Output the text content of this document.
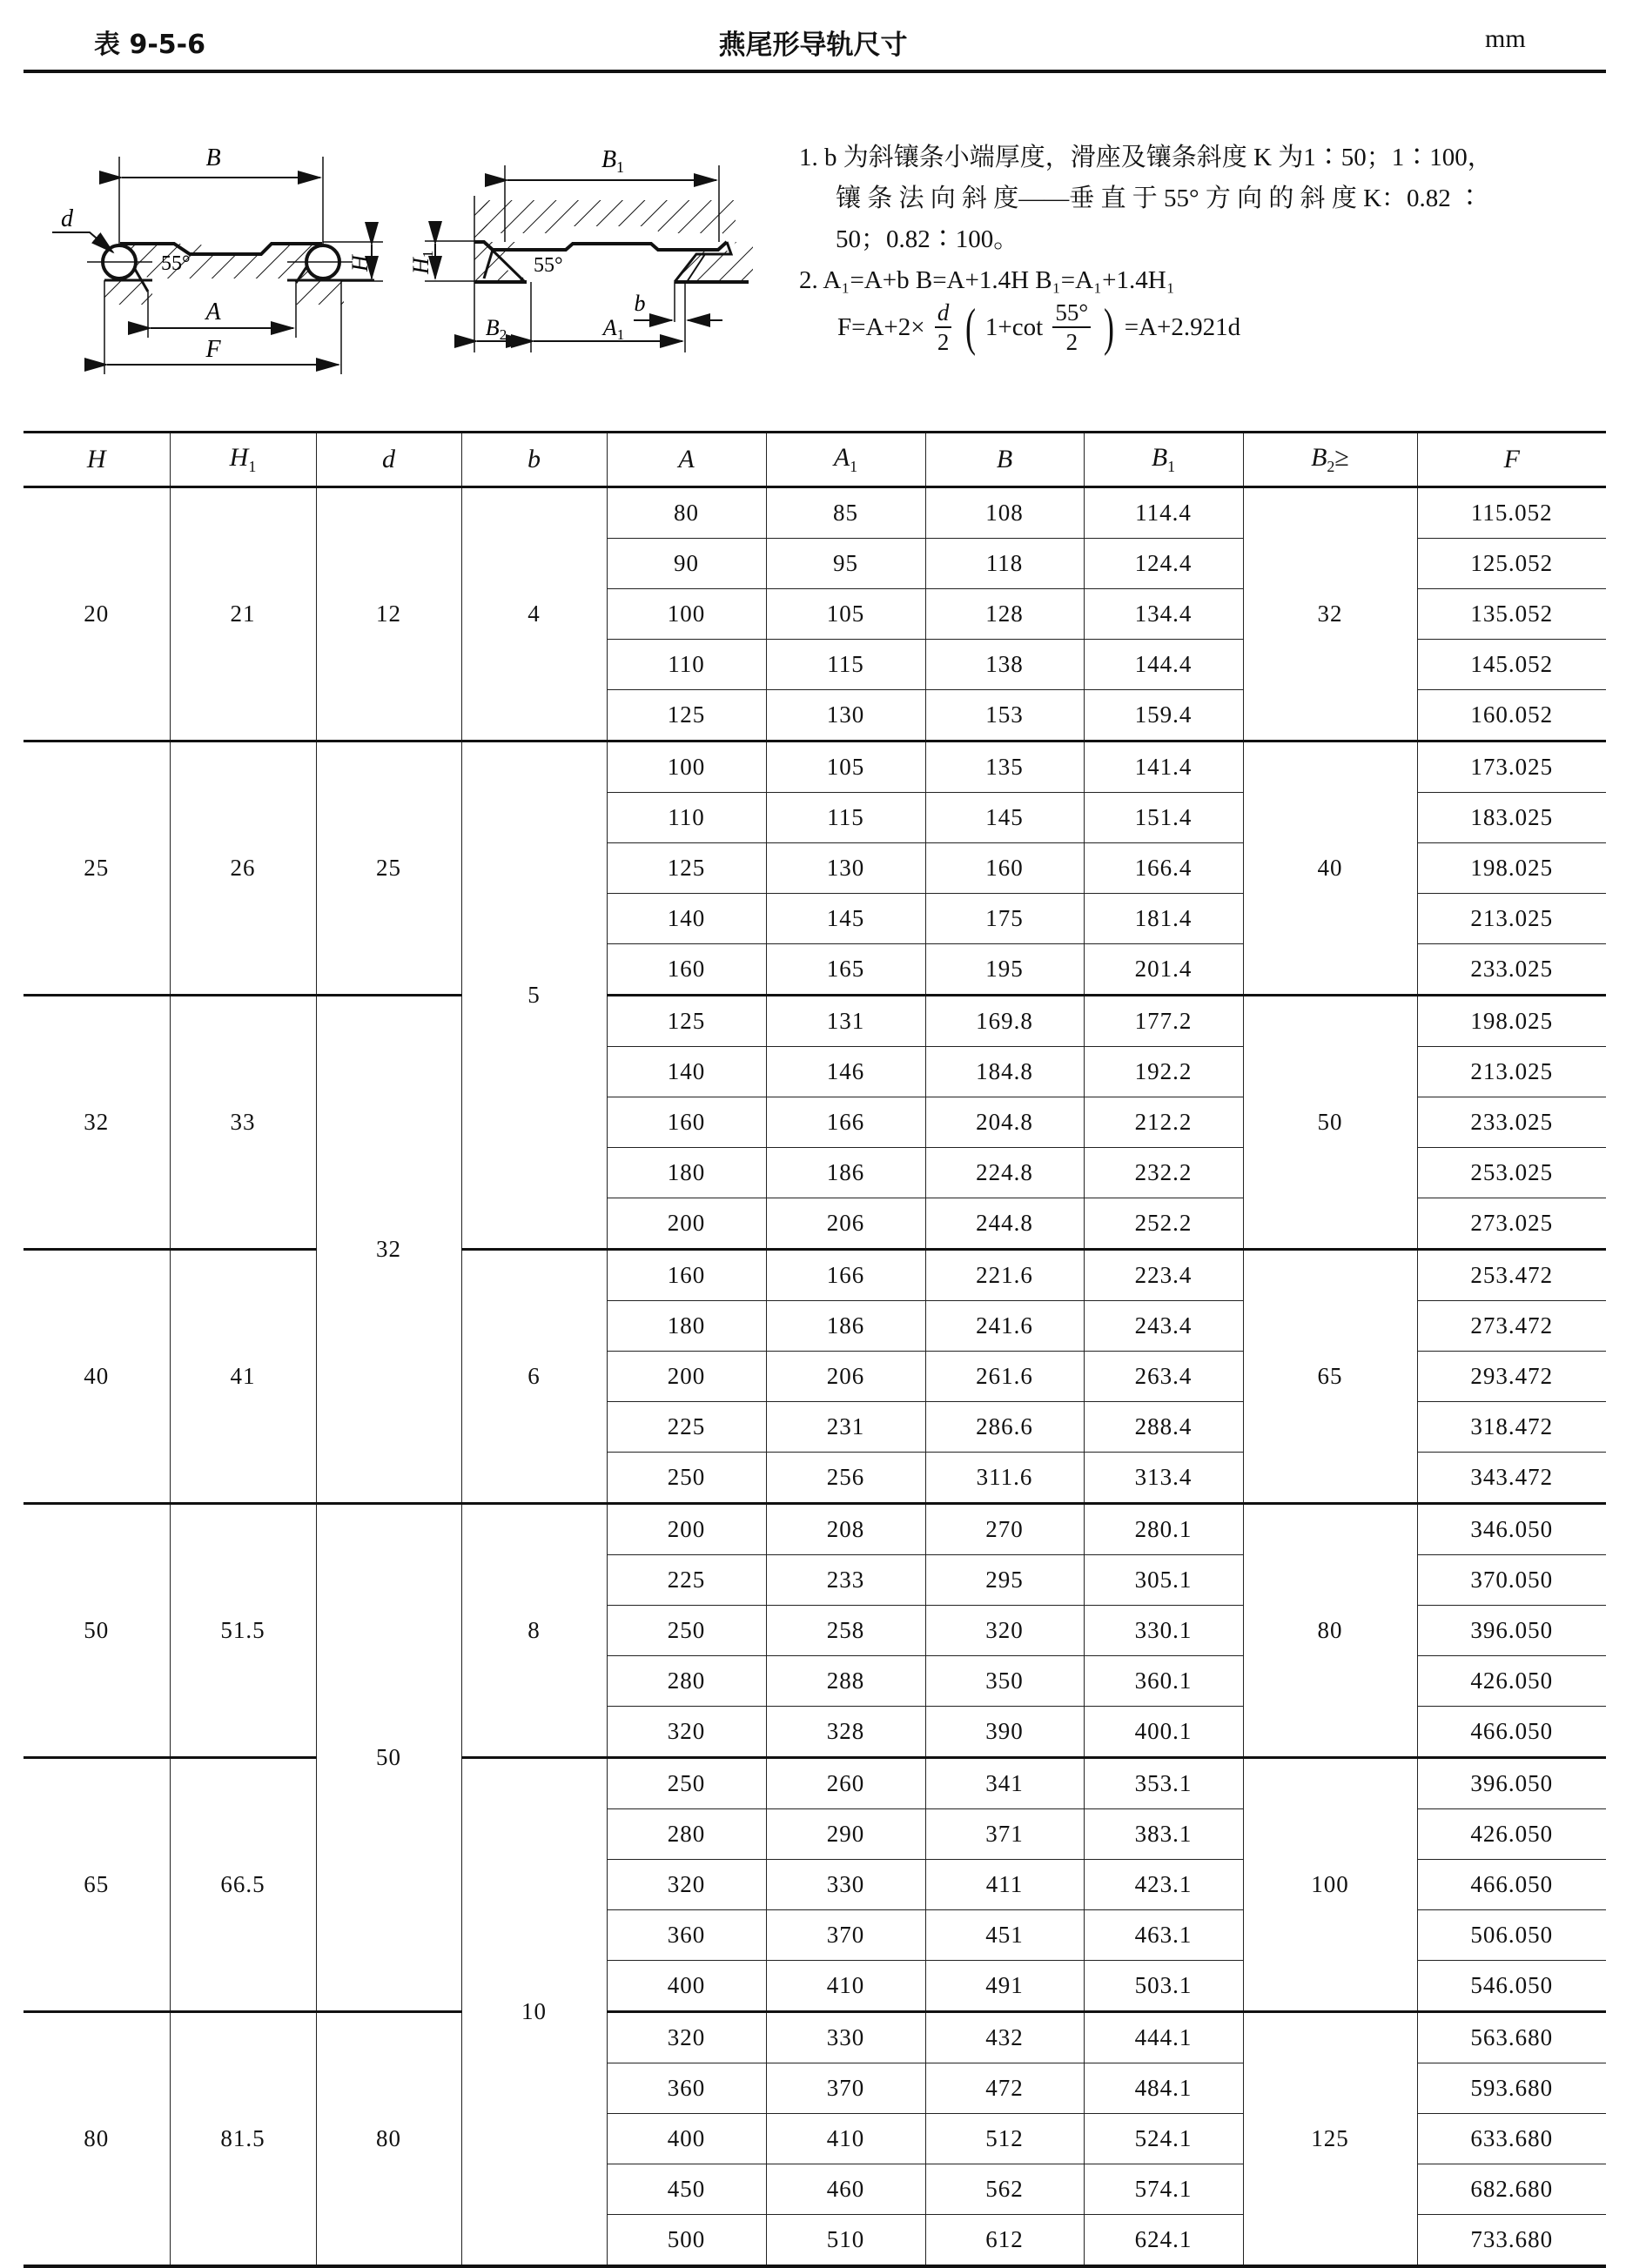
表 9-5-6	燕尾形导轨尺寸	mm
B
d
55°
A
F
H
$B_1$
H1
55°
b
B2	A1
1. b 为斜镶条小端厚度，滑座及镶条斜度 K 为1∶50；1∶100，
镶 条 法 向 斜 度——垂 直 于 55° 方 向 的 斜 度 K：0.82 ∶
50；0.82∶100。
2. A₁=A+b B=A+1.4H B₁=A₁+1.4H₁
$F=A+2\times \frac{d}{2}$ ( $1+\cot \frac{55^\circ}{2}$ ) =A+2.921d
H	$H_1$	d	b	A	$A_1$	B	$B_1$	$B_2\ge$	F
20	21	12	4	80	85	108	114.4	32	115.052
				90	95	118	124.4		125.052
				100	105	128	134.4		135.052
				110	115	138	144.4		145.052
				125	130	153	159.4		160.052
25	26	25	5	100	105	135	141.4	40	173.025
				110	115	145	151.4		183.025
				125	130	160	166.4		198.025
				140	145	175	181.4		213.025
				160	165	195	201.4		233.025
32	33	32		125	131	169.8	177.2	50	198.025
				140	146	184.8	192.2		213.025
				160	166	204.8	212.2		233.025
				180	186	224.8	232.2		253.025
				200	206	244.8	252.2		273.025
40	41		6	160	166	221.6	223.4	65	253.472
				180	186	241.6	243.4		273.472
				200	206	261.6	263.4		293.472
				225	231	286.6	288.4		318.472
				250	256	311.6	313.4		343.472
50	51.5	50	8	200	208	270	280.1	80	346.050
				225	233	295	305.1		370.050
				250	258	320	330.1		396.050
				280	288	350	360.1		426.050
				320	328	390	400.1		466.050
65	66.5		10	250	260	341	353.1	100	396.050
				280	290	371	383.1		426.050
				320	330	411	423.1		466.050
				360	370	451	463.1		506.050
				400	410	491	503.1		546.050
80	81.5	80		320	330	432	444.1	125	563.680
				360	370	472	484.1		593.680
				400	410	512	524.1		633.680
				450	460	562	574.1		682.680
				500	510	612	624.1		733.680
